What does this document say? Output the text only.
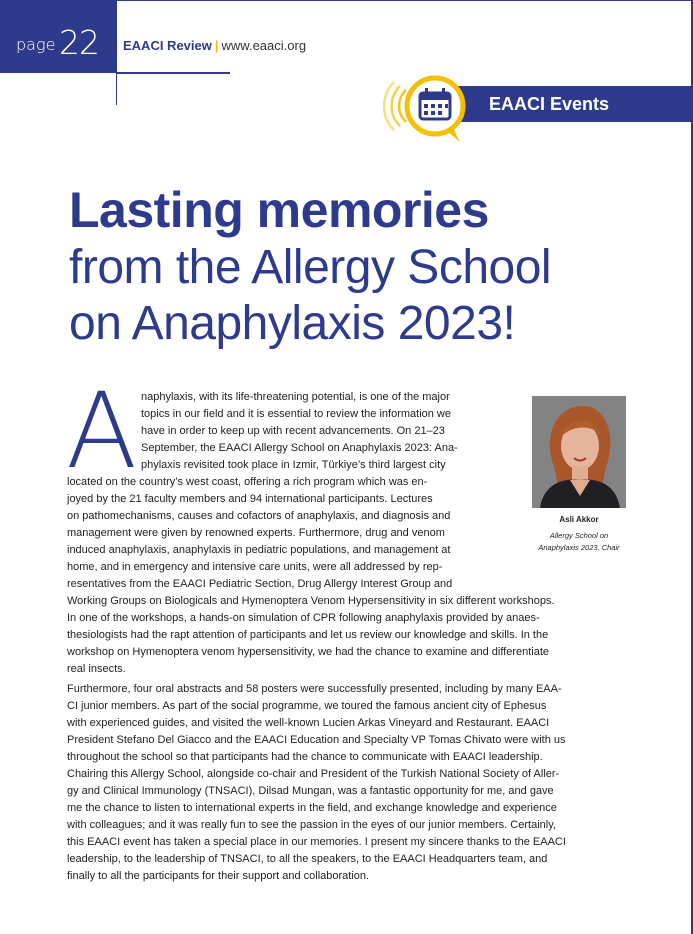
page 22 EAACI Review | www.eaaci.org
EAACI Events
Lasting memories
from the Allergy School
on Anaphylaxis 2023!
A
Asli Akkor
Allergy School on
Anaphylaxis 2023, Chair
naphylaxis, with its life-threatening potential, is one of the major
topics in our field and it is essential to review the information we
have in order to keep up with recent advancements. On 21–23
September, the EAACI Allergy School on Anaphylaxis 2023: Ana-
phylaxis revisited took place in Izmir, Türkiye’s third largest city
located on the country’s west coast, offering a rich program which was en-
joyed by the 21 faculty members and 94 international participants. Lectures
on pathomechanisms, causes and cofactors of anaphylaxis, and diagnosis and
management were given by renowned experts. Furthermore, drug and venom
induced anaphylaxis, anaphylaxis in pediatric populations, and management at
home, and in emergency and intensive care units, were all addressed by rep-
resentatives from the EAACI Pediatric Section, Drug Allergy Interest Group and
Working Groups on Biologicals and Hymenoptera Venom Hypersensitivity in six different workshops.
In one of the workshops, a hands-on simulation of CPR following anaphylaxis provided by anaes-
thesiologists had the rapt attention of participants and let us review our knowledge and skills. In the
workshop on Hymenoptera venom hypersensitivity, we had the chance to examine and differentiate
real insects.
Furthermore, four oral abstracts and 58 posters were successfully presented, including by many EAA-
CI junior members. As part of the social programme, we toured the famous ancient city of Ephesus
with experienced guides, and visited the well-known Lucien Arkas Vineyard and Restaurant. EAACI
President Stefano Del Giacco and the EAACI Education and Specialty VP Tomas Chivato were with us
throughout the school so that participants had the chance to communicate with EAACI leadership.
Chairing this Allergy School, alongside co-chair and President of the Turkish National Society of Aller-
gy and Clinical Immunology (TNSACI), Dilsad Mungan, was a fantastic opportunity for me, and gave
me the chance to listen to international experts in the field, and exchange knowledge and experience
with colleagues; and it was really fun to see the passion in the eyes of our junior members. Certainly,
this EAACI event has taken a special place in our memories. I present my sincere thanks to the EAACI
leadership, to the leadership of TNSACI, to all the speakers, to the EAACI Headquarters team, and
finally to all the participants for their support and collaboration.
